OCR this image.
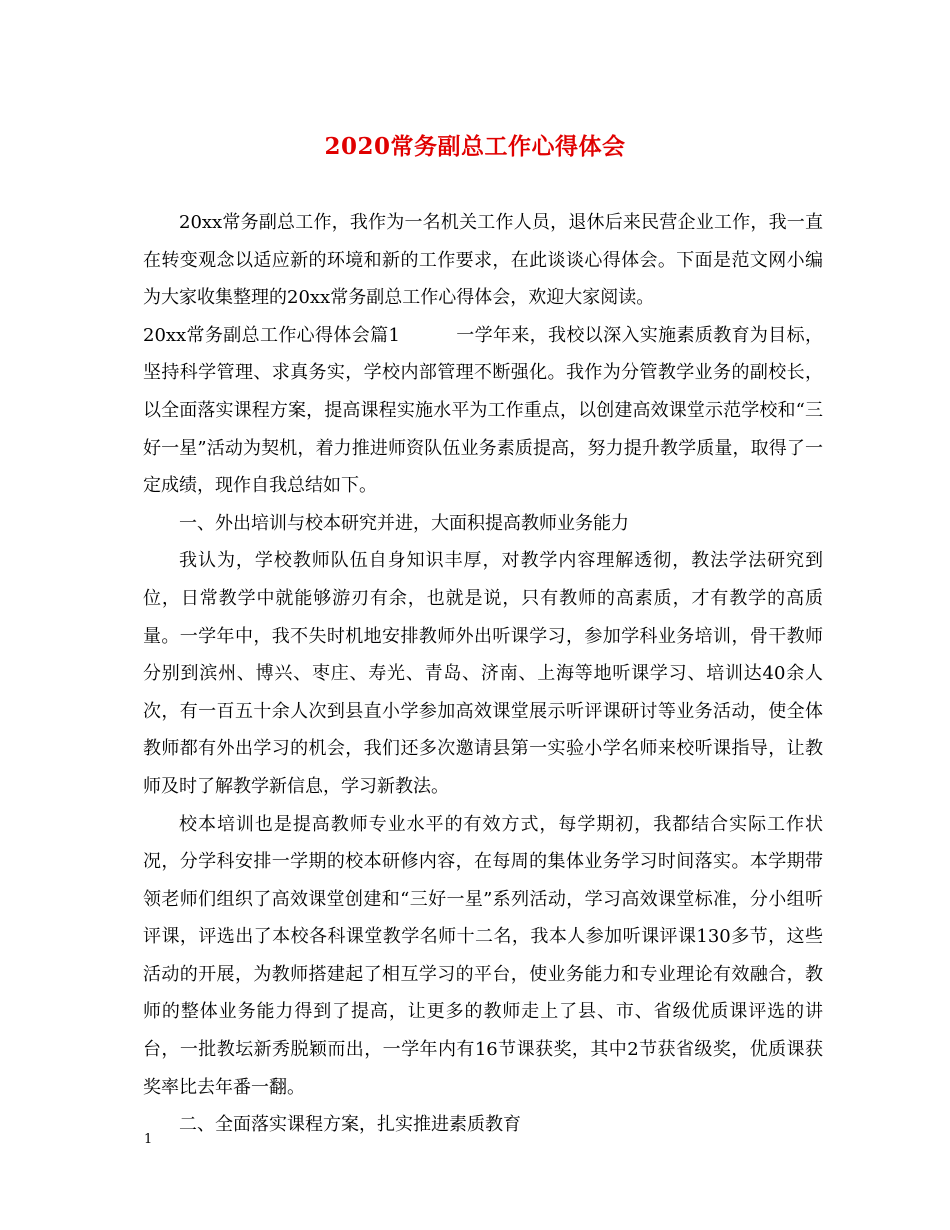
2020常务副总工作心得体会

20xx常务副总工作，我作为一名机关工作人员，退休后来民营企业工作，我一直在转变观念以适应新的环境和新的工作要求，在此谈谈心得体会。下面是范文网小编为大家收集整理的20xx常务副总工作心得体会，欢迎大家阅读。

20xx常务副总工作心得体会篇1	一学年来，我校以深入实施素质教育为目标，坚持科学管理、求真务实，学校内部管理不断强化。我作为分管教学业务的副校长，以全面落实课程方案，提高课程实施水平为工作重点，以创建高效课堂示范学校和“三好一星”活动为契机，着力推进师资队伍业务素质提高，努力提升教学质量，取得了一定成绩，现作自我总结如下。

一、外出培训与校本研究并进，大面积提高教师业务能力

我认为，学校教师队伍自身知识丰厚，对教学内容理解透彻，教法学法研究到位，日常教学中就能够游刃有余，也就是说，只有教师的高素质，才有教学的高质量。一学年中，我不失时机地安排教师外出听课学习，参加学科业务培训，骨干教师分别到滨州、博兴、枣庄、寿光、青岛、济南、上海等地听课学习、培训达40余人次，有一百五十余人次到县直小学参加高效课堂展示听评课研讨等业务活动，使全体教师都有外出学习的机会，我们还多次邀请县第一实验小学名师来校听课指导，让教师及时了解教学新信息，学习新教法。

校本培训也是提高教师专业水平的有效方式，每学期初，我都结合实际工作状况，分学科安排一学期的校本研修内容，在每周的集体业务学习时间落实。本学期带领老师们组织了高效课堂创建和“三好一星”系列活动，学习高效课堂标准，分小组听评课，评选出了本校各科课堂教学名师十二名，我本人参加听课评课130多节，这些活动的开展，为教师搭建起了相互学习的平台，使业务能力和专业理论有效融合，教师的整体业务能力得到了提高，让更多的教师走上了县、市、省级优质课评选的讲台，一批教坛新秀脱颖而出，一学年内有16节课获奖，其中2节获省级奖，优质课获奖率比去年番一翻。

二、全面落实课程方案，扎实推进素质教育

1
